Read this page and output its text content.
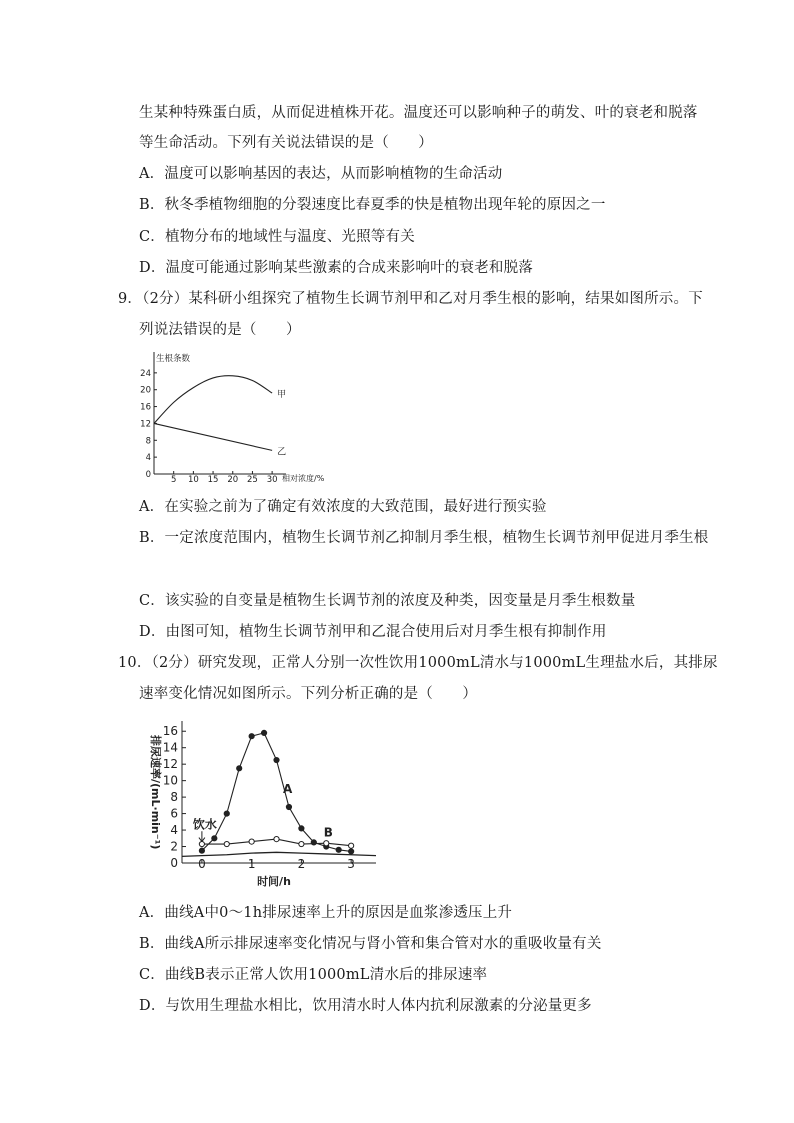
生某种特殊蛋白质，从而促进植株开花。温度还可以影响种子的萌发、叶的衰老和脱落
等生命活动。下列有关说法错误的是（　　）
A．温度可以影响基因的表达，从而影响植物的生命活动
B．秋冬季植物细胞的分裂速度比春夏季的快是植物出现年轮的原因之一
C．植物分布的地域性与温度、光照等有关
D．温度可能通过影响某些激素的合成来影响叶的衰老和脱落
9．（2分）某科研小组探究了植物生长调节剂甲和乙对月季生根的影响，结果如图所示。下
列说法错误的是（　　）
生根条数
相对浓度/%
0
4
8
12
16
20
24
5 10 15 20 25 30
甲
乙
A．在实验之前为了确定有效浓度的大致范围，最好进行预实验
B．一定浓度范围内，植物生长调节剂乙抑制月季生根，植物生长调节剂甲促进月季生根
C．该实验的自变量是植物生长调节剂的浓度及种类，因变量是月季生根数量
D．由图可知，植物生长调节剂甲和乙混合使用后对月季生根有抑制作用
10．（2分）研究发现，正常人分别一次性饮用1000mL清水与1000mL生理盐水后，其排尿
速率变化情况如图所示。下列分析正确的是（　　）
0
2
4
6
8
10
12
14
16
0	1	2	3
排尿速率/(mL·min⁻¹)
时间/h
饮水
A
B
A．曲线A中0～1h排尿速率上升的原因是血浆渗透压上升
B．曲线A所示排尿速率变化情况与肾小管和集合管对水的重吸收量有关
C．曲线B表示正常人饮用1000mL清水后的排尿速率
D．与饮用生理盐水相比，饮用清水时人体内抗利尿激素的分泌量更多
